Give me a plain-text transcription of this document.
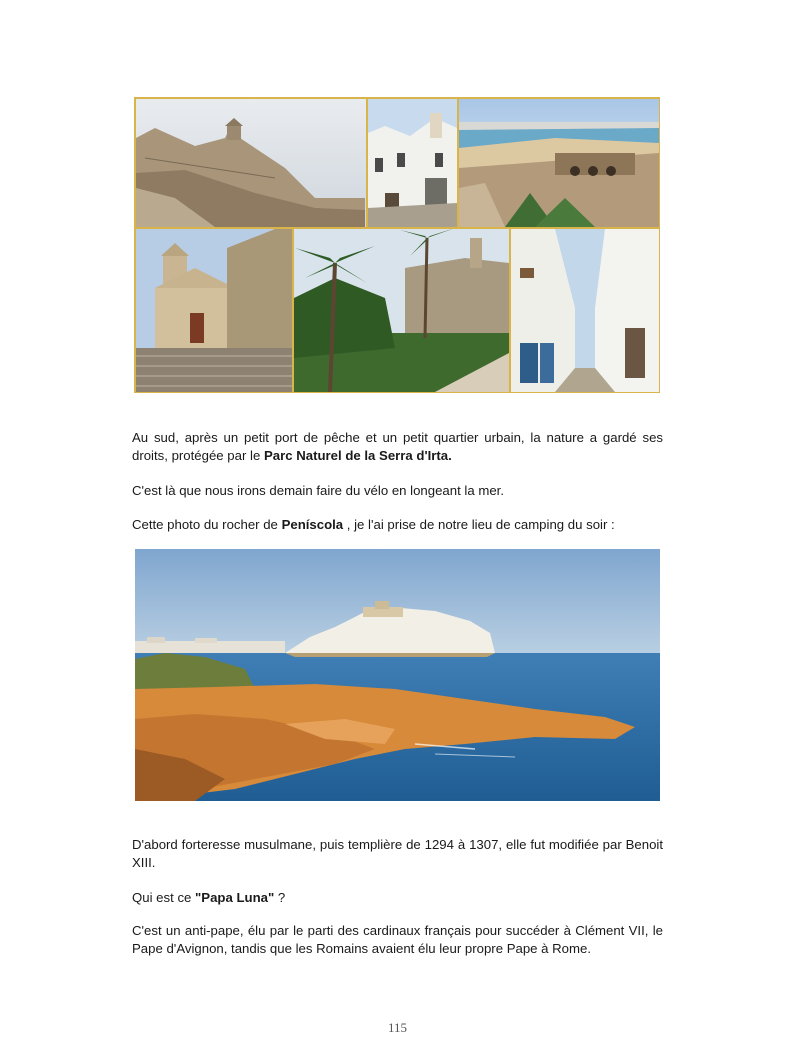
Au sud, après un petit port de pêche et un petit quartier urbain, la nature a gardé ses droits, protégée par le Parc Naturel de la Serra d'Irta.

C'est là que nous irons demain faire du vélo en longeant la mer.

Cette photo du rocher de Peníscola , je l'ai prise de notre lieu de camping du soir :

D'abord forteresse musulmane, puis templière de 1294 à 1307, elle fut modifiée par Benoit XIII.

Qui est ce "Papa Luna" ?

C'est un anti-pape, élu par le parti des cardinaux français pour succéder à Clément VII, le Pape d'Avignon, tandis que les Romains avaient élu leur propre Pape à Rome.

115
